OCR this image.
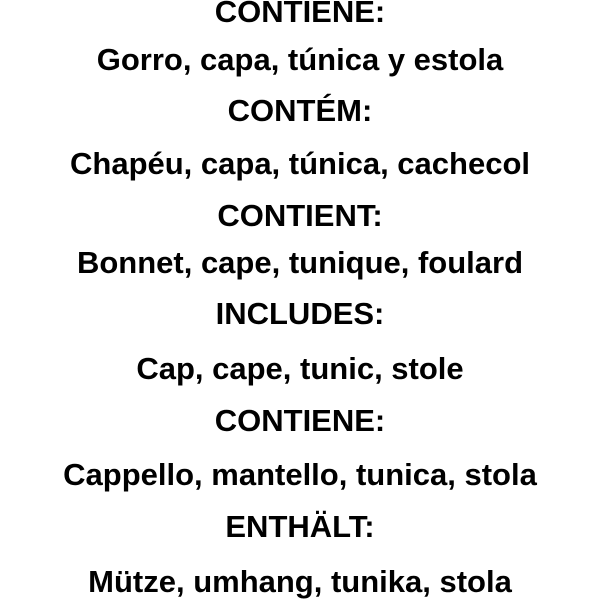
CONTIENE:
Gorro, capa, túnica y estola
CONTÉM:
Chapéu, capa, túnica, cachecol
CONTIENT:
Bonnet, cape, tunique, foulard
INCLUDES:
Cap, cape, tunic, stole
CONTIENE:
Cappello, mantello, tunica, stola
ENTHÄLT:
Mütze, umhang, tunika, stola
